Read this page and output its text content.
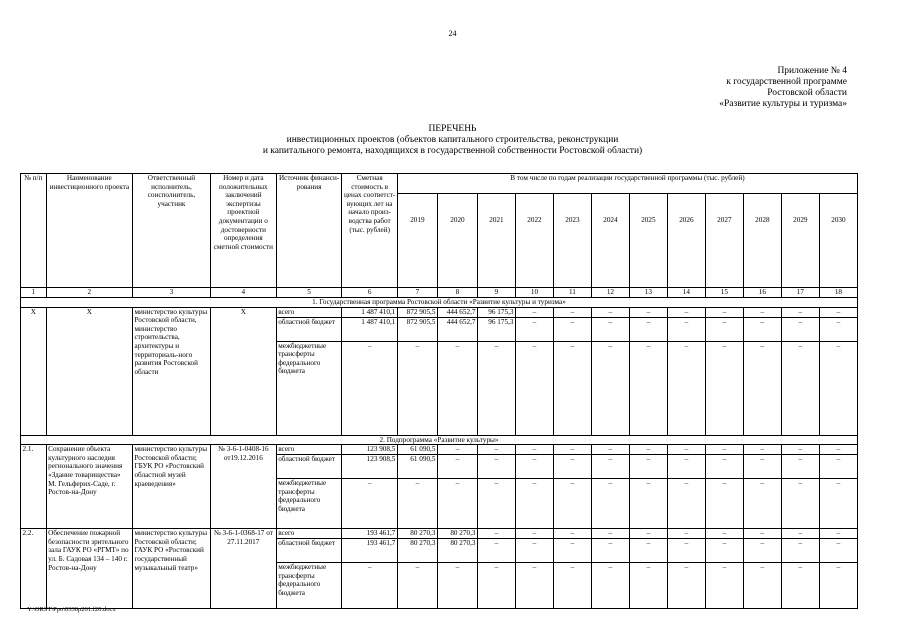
24
Приложение № 4
к государственной программе
Ростовской области
«Развитие культуры и туризма»
ПЕРЕЧЕНЬ
инвестиционных проектов (объектов капитального строительства, реконструкции
и капитального ремонта, находящихся в государственной собственности Ростовской области)
№ п/п	Наименование инвестиционного проекта	Ответственный исполнитель, соисполнитель, участник	Номер и дата положительных заключений экспертизы проектной документации о достоверности определения сметной стоимости	Источник финанси-рования	Сметная стоимость в ценах соответст-вующих лет на начало произ-водства работ (тыс. рублей)	В том числе по годам реализации государственной программы (тыс. рублей)											
						2019	2020	2021	2022	2023	2024	2025	2026	2027	2028	2029	2030
1	2	3	4	5	6	7	8	9	10	11	12	13	14	15	16	17	18
1. Государственная программа Ростовской области «Развитие культуры и туризма»																	
Х	Х	министерство культуры Ростовской области, министерство строительства, архитектуры и территориаль-ного развития Ростовской области	Х	всего	1 487 410,1	872 905,5	444 652,7	96 175,3	–	–	–	–	–	–	–	–	–
				областной бюджет	1 487 410,1	872 905,5	444 652,7	96 175,3	–	–	–	–	–	–	–	–	–
				межбюджетные трансферты федерального бюджета	–	–	–	–	–	–	–	–	–	–	–	–	–
2. Подпрограмма «Развитие культуры»																	
2.1.	Сохранение объекта культурного наследия регионального значения «Здание товарищества» М. Гельферих-Саде, г. Ростов-на-Дону	министерство культуры Ростовской области; ГБУК РО «Ростовский областной музей краеведения»	№ 3-6-1-0408-16 от19.12.2016	всего	123 908,5	61 090,5	–	–	–	–	–	–	–	–	–	–	–
				областной бюджет	123 908,5	61 090,5	–	–	–	–	–	–	–	–	–	–	–
				межбюджетные трансферты федерального бюджета	–	–	–	–	–	–	–	–	–	–	–	–	–
2.2.	Обеспечение пожарной безопасности зрительного зала ГАУК РО «РГМТ» по ул. Б. Садовая 134 – 140 г. Ростов-на-Дону	министерство культуры Ростовской области; ГАУК РО «Ростовский государственный музыкальный театр»	№ 3-6-1-0368-17 от 27.11.2017	всего	193 461,7	80 270,3	80 270,3	–	–	–	–	–	–	–	–	–	–
				областной бюджет	193 461,7	80 270,3	80 270,3	–	–	–	–	–	–	–	–	–	–
				межбюджетные трансферты федерального бюджета	–	–	–	–	–	–	–	–	–	–	–	–	–
Y:\ORST\Ppo\0330p261.f20.docx
